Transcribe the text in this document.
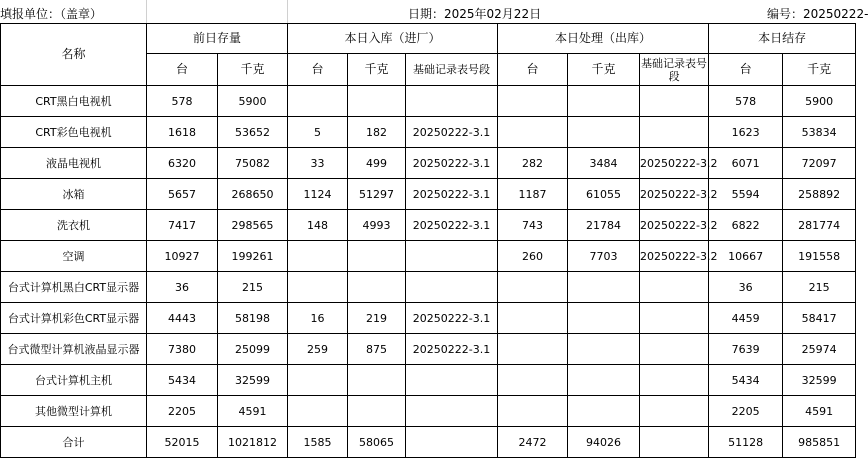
填报单位：（盖章）	日期：2025年02月22日	编号：20250222-
名称	前日存量		本日入库（进厂）			本日处理（出库）			本日结存	
	台	千克	台	千克	基础记录表号段	台	千克	基础记录表号段	台	千克
CRT黑白电视机	578	5900							578	5900
CRT彩色电视机	1618	53652	5	182	20250222-3.1				1623	53834
液晶电视机	6320	75082	33	499	20250222-3.1	282	3484	20250222-3.2	6071	72097
冰箱	5657	268650	1124	51297	20250222-3.1	1187	61055	20250222-3.2	5594	258892
洗衣机	7417	298565	148	4993	20250222-3.1	743	21784	20250222-3.2	6822	281774
空调	10927	199261				260	7703	20250222-3.2	10667	191558
台式计算机黑白CRT显示器	36	215							36	215
台式计算机彩色CRT显示器	4443	58198	16	219	20250222-3.1				4459	58417
台式微型计算机液晶显示器	7380	25099	259	875	20250222-3.1				7639	25974
台式计算机主机	5434	32599							5434	32599
其他微型计算机	2205	4591							2205	4591
合计	52015	1021812	1585	58065		2472	94026		51128	985851
